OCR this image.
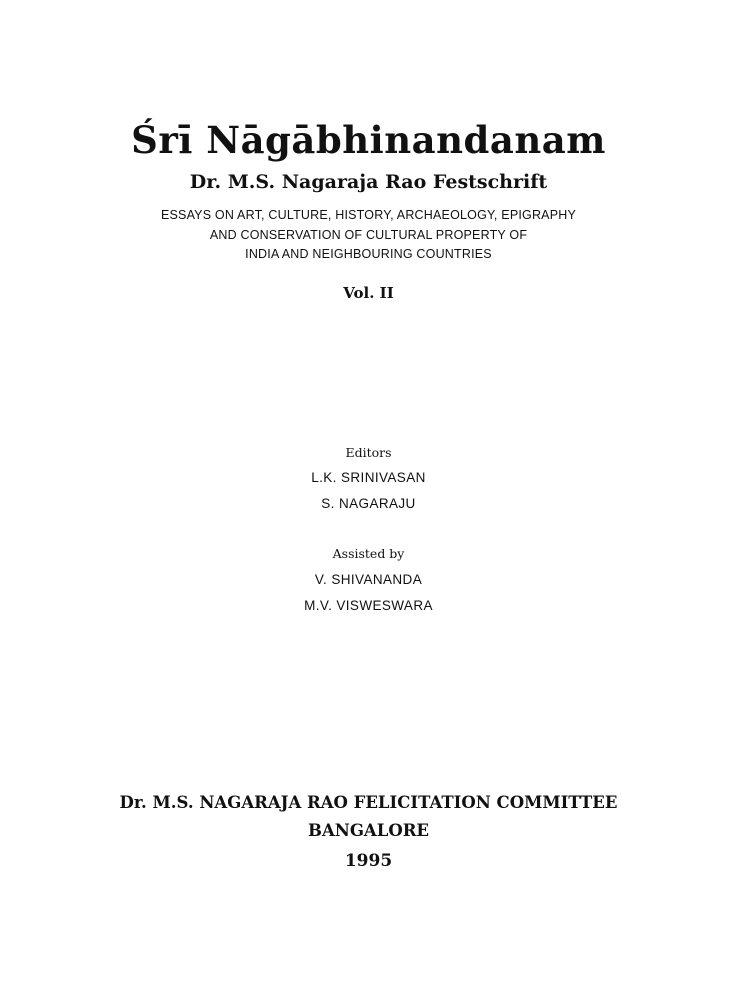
Śrī Nāgābhinandanam
Dr. M.S. Nagaraja Rao Festschrift
ESSAYS ON ART, CULTURE, HISTORY, ARCHAEOLOGY, EPIGRAPHY
AND CONSERVATION OF CULTURAL PROPERTY OF
INDIA AND NEIGHBOURING COUNTRIES
Vol. II
Editors
L.K. SRINIVASAN
S. NAGARAJU
Assisted by
V. SHIVANANDA
M.V. VISWESWARA
Dr. M.S. NAGARAJA RAO FELICITATION COMMITTEE
BANGALORE
1995
